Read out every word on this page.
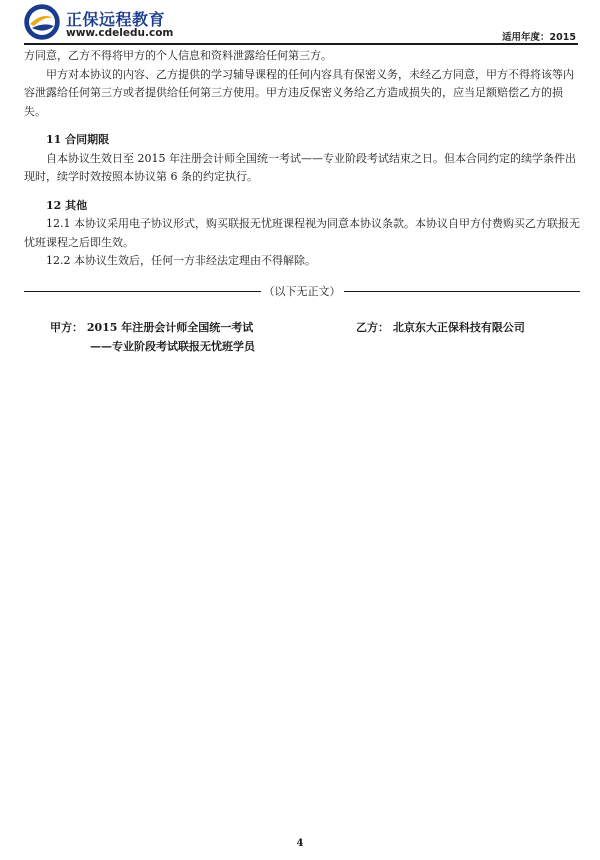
正保远程教育
www.cdeledu.com	适用年度：2015

方同意，乙方不得将甲方的个人信息和资料泄露给任何第三方。

甲方对本协议的内容、乙方提供的学习辅导课程的任何内容具有保密义务，未经乙方同意，甲方不得将该等内容泄露给任何第三方或者提供给任何第三方使用。甲方违反保密义务给乙方造成损失的，应当足额赔偿乙方的损失。

11 合同期限

自本协议生效日至 2015 年注册会计师全国统一考试——专业阶段考试结束之日。但本合同约定的续学条件出现时，续学时效按照本协议第 6 条的约定执行。

12 其他

12.1 本协议采用电子协议形式，购买联报无忧班课程视为同意本协议条款。本协议自甲方付费购买乙方联报无忧班课程之后即生效。

12.2 本协议生效后，任何一方非经法定理由不得解除。

（以下无正文）
甲方： 2015 年注册会计师全国统一考试
——专业阶段考试联报无忧班学员
乙方： 北京东大正保科技有限公司
4
